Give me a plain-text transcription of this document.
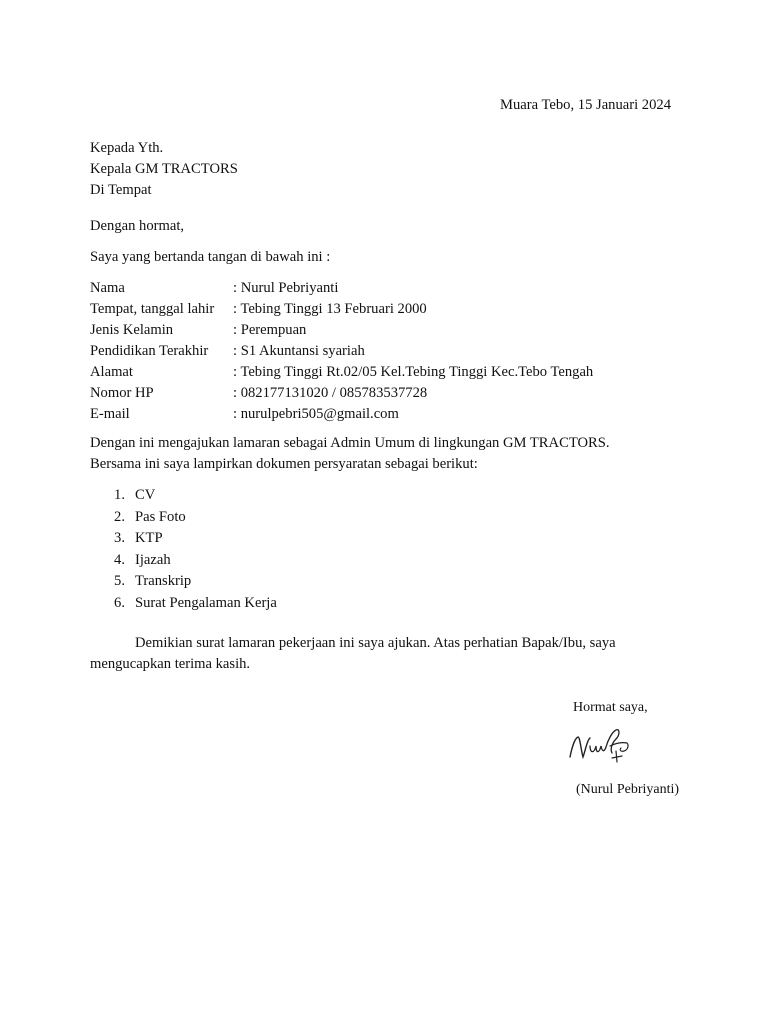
Muara Tebo, 15 Januari 2024
Kepada Yth.
Kepala GM TRACTORS
Di Tempat
Dengan hormat,
Saya yang bertanda tangan di bawah ini :
Nama	: Nurul Pebriyanti
Tempat, tanggal lahir	: Tebing Tinggi 13 Februari 2000
Jenis Kelamin	: Perempuan
Pendidikan Terakhir	: S1 Akuntansi syariah
Alamat	: Tebing Tinggi Rt.02/05 Kel.Tebing Tinggi Kec.Tebo Tengah
Nomor HP	: 082177131020 / 085783537728
E-mail	: nurulpebri505@gmail.com
Dengan ini mengajukan lamaran sebagai Admin Umum di lingkungan GM TRACTORS.
Bersama ini saya lampirkan dokumen persyaratan sebagai berikut:
1. CV
2. Pas Foto
3. KTP
4. Ijazah
5. Transkrip
6. Surat Pengalaman Kerja
Demikian surat lamaran pekerjaan ini saya ajukan. Atas perhatian Bapak/Ibu, saya mengucapkan terima kasih.
Hormat saya,
(Nurul Pebriyanti)
